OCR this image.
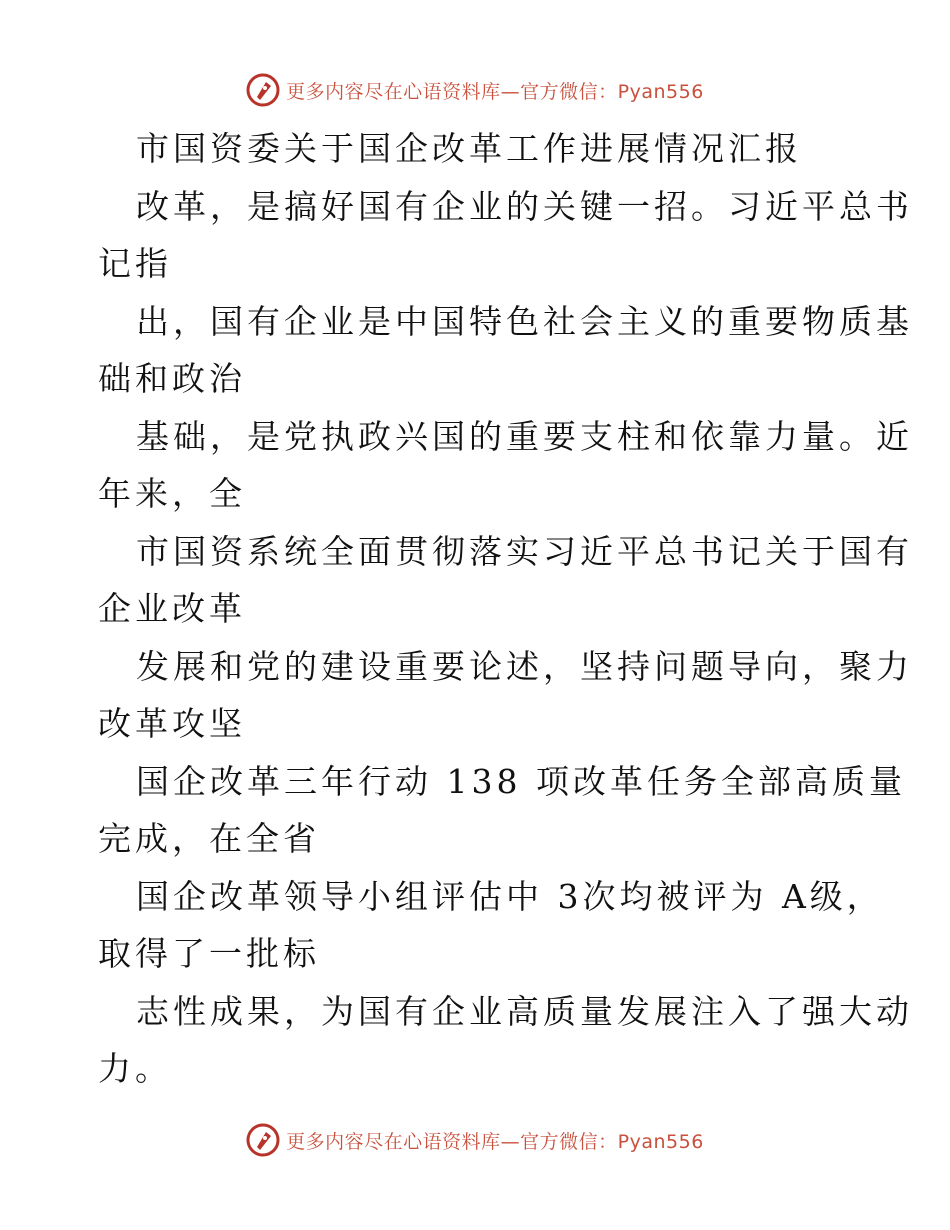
更多内容尽在心语资料库—官方微信：Pyan556
市国资委关于国企改革工作进展情况汇报
改革，是搞好国有企业的关键一招。习近平总书
记指
出，国有企业是中国特色社会主义的重要物质基
础和政治
基础，是党执政兴国的重要支柱和依靠力量。近
年来，全
市国资系统全面贯彻落实习近平总书记关于国有
企业改革
发展和党的建设重要论述，坚持问题导向，聚力
改革攻坚
国企改革三年行动 138 项改革任务全部高质量
完成，在全省
国企改革领导小组评估中 3次均被评为 A级，
取得了一批标
志性成果，为国有企业高质量发展注入了强大动
力。
更多内容尽在心语资料库—官方微信：Pyan556
